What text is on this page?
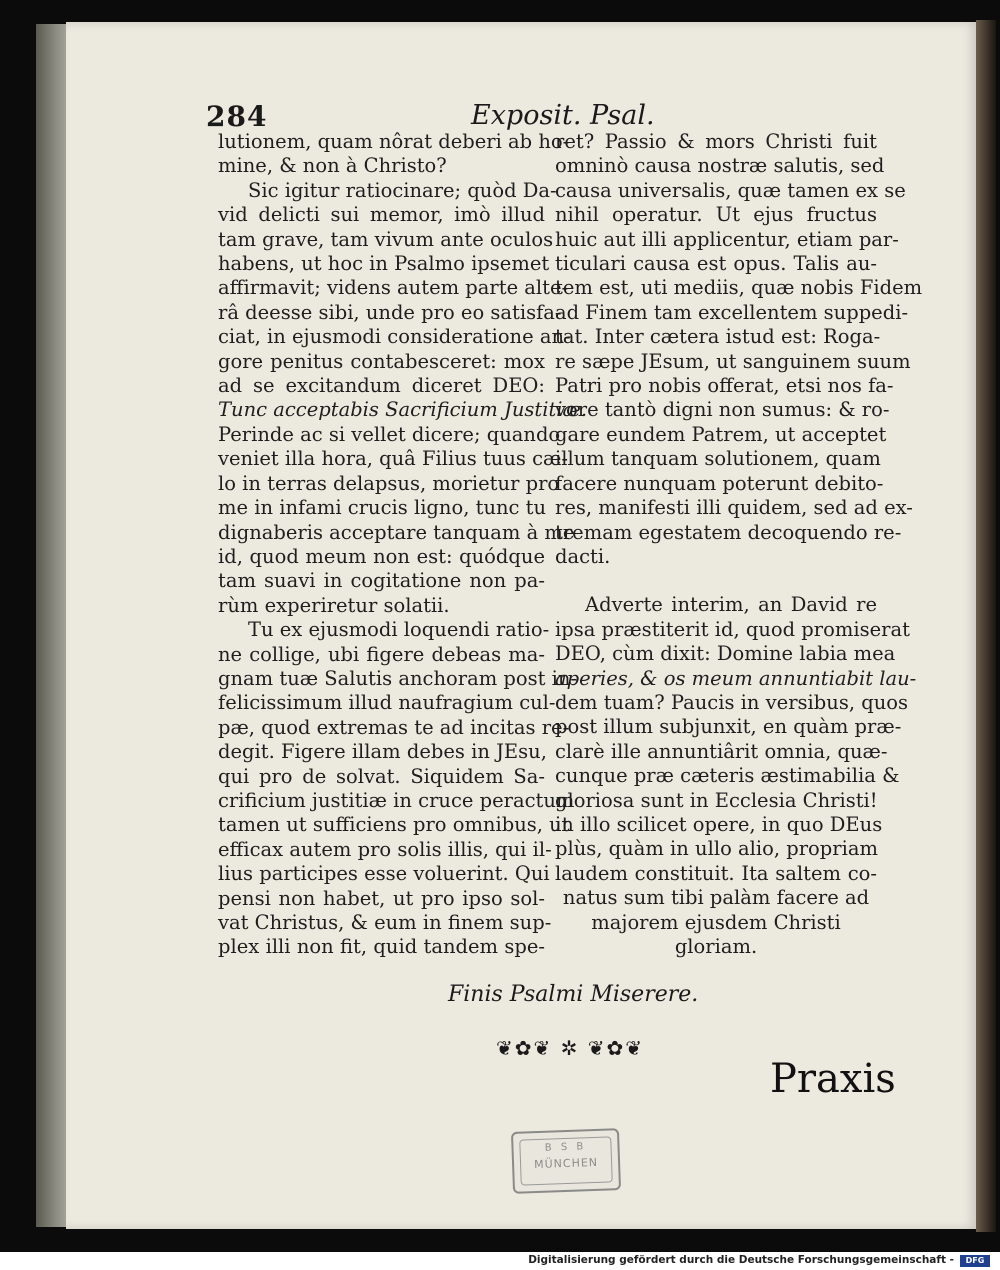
284	Exposit. Psal.
lutionem, quam nôrat deberi ab ho-
mine, & non à Christo?
Sic igitur ratiocinare; quòd Da-
vid delicti sui memor, imò illud
tam grave, tam vivum ante oculos
habens, ut hoc in Psalmo ipsemet
affirmavit; videns autem parte alte-
râ deesse sibi, unde pro eo satisfa-
ciat, in ejusmodi consideratione an-
gore penitus contabesceret: mox
ad se excitandum diceret DEO:
Tunc acceptabis Sacrificium Justitiæ.
Perinde ac si vellet dicere; quando
veniet illa hora, quâ Filius tuus cæ-
lo in terras delapsus, morietur pro
me in infami crucis ligno, tunc tu
dignaberis acceptare tanquam à me
id, quod meum non est: quódque
tam suavi in cogitatione non pa-
rùm experiretur solatii.
Tu ex ejusmodi loquendi ratio-
ne collige, ubi figere debeas ma-
gnam tuæ Salutis anchoram post in-
felicissimum illud naufragium cul-
pæ, quod extremas te ad incitas re-
degit. Figere illam debes in JEsu,
qui pro de solvat. Siquidem Sa-
crificium justitiæ in cruce peractum
tamen ut sufficiens pro omnibus, ut
efficax autem pro solis illis, qui il-
lius participes esse voluerint. Qui
pensi non habet, ut pro ipso sol-
vat Christus, & eum in finem sup-
plex illi non fit, quid tandem spe-
ret? Passio & mors Christi fuit
omninò causa nostræ salutis, sed
causa universalis, quæ tamen ex se
nihil operatur. Ut ejus fructus
huic aut illi applicentur, etiam par-
ticulari causa est opus. Talis au-
tem est, uti mediis, quæ nobis Fidem
ad Finem tam excellentem suppedi-
tat. Inter cætera istud est: Roga-
re sæpe JEsum, ut sanguinem suum
Patri pro nobis offerat, etsi nos fa-
vore tantò digni non sumus: & ro-
gare eundem Patrem, ut acceptet
illum tanquam solutionem, quam
facere nunquam poterunt debito-
res, manifesti illi quidem, sed ad ex-
tremam egestatem decoquendo re-
dacti.
Adverte interim, an David re
ipsa præstiterit id, quod promiserat
DEO, cùm dixit: Domine labia mea
aperies, & os meum annuntiabit lau-
dem tuam? Paucis in versibus, quos
post illum subjunxit, en quàm præ-
clarè ille annuntiârit omnia, quæ-
cunque præ cæteris æstimabilia &
gloriosa sunt in Ecclesia Christi!
in illo scilicet opere, in quo DEus
plùs, quàm in ullo alio, propriam
laudem constituit. Ita saltem co-
natus sum tibi palàm facere ad
majorem ejusdem Christi
gloriam.
Finis Psalmi Miserere.
❦✿❦ ✲ ❦✿❦
Praxis
B S B
MÜNCHEN
Digitalisierung gefördert durch die Deutsche Forschungsgemeinschaft -	DFG
